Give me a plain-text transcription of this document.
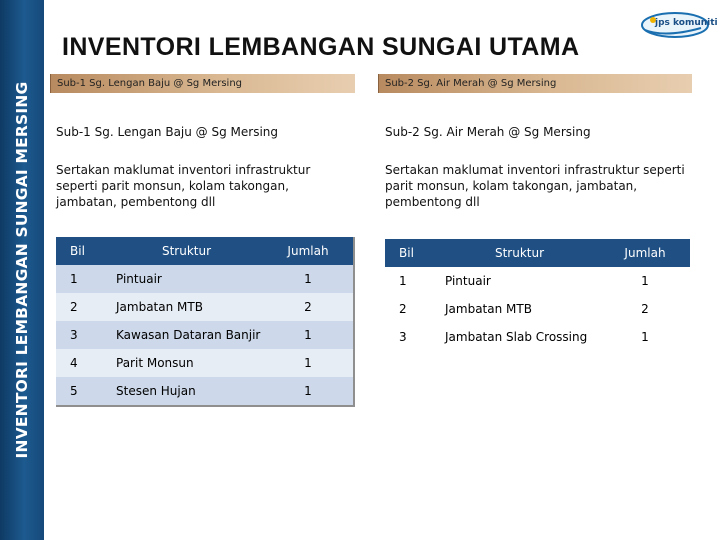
INVENTORI LEMBANGAN SUNGAI MERSING
INVENTORI LEMBANGAN SUNGAI UTAMA
jps komuniti
Sub-1 Sg. Lengan Baju @ Sg Mersing
Sub-1 Sg. Lengan Baju @ Sg Mersing
Sertakan maklumat inventori infrastruktur seperti parit monsun, kolam takongan, jambatan, pembentong dll
Bil	Struktur	Jumlah
1	Pintuair	1
2	Jambatan MTB	2
3	Kawasan Dataran Banjir	1
4	Parit Monsun	1
5	Stesen Hujan	1
Sub-2 Sg. Air Merah @ Sg Mersing
Sub-2 Sg. Air Merah @ Sg Mersing
Sertakan maklumat inventori infrastruktur seperti parit monsun, kolam takongan, jambatan, pembentong dll
Bil	Struktur	Jumlah
1	Pintuair	1
2	Jambatan MTB	2
3	Jambatan Slab Crossing	1
